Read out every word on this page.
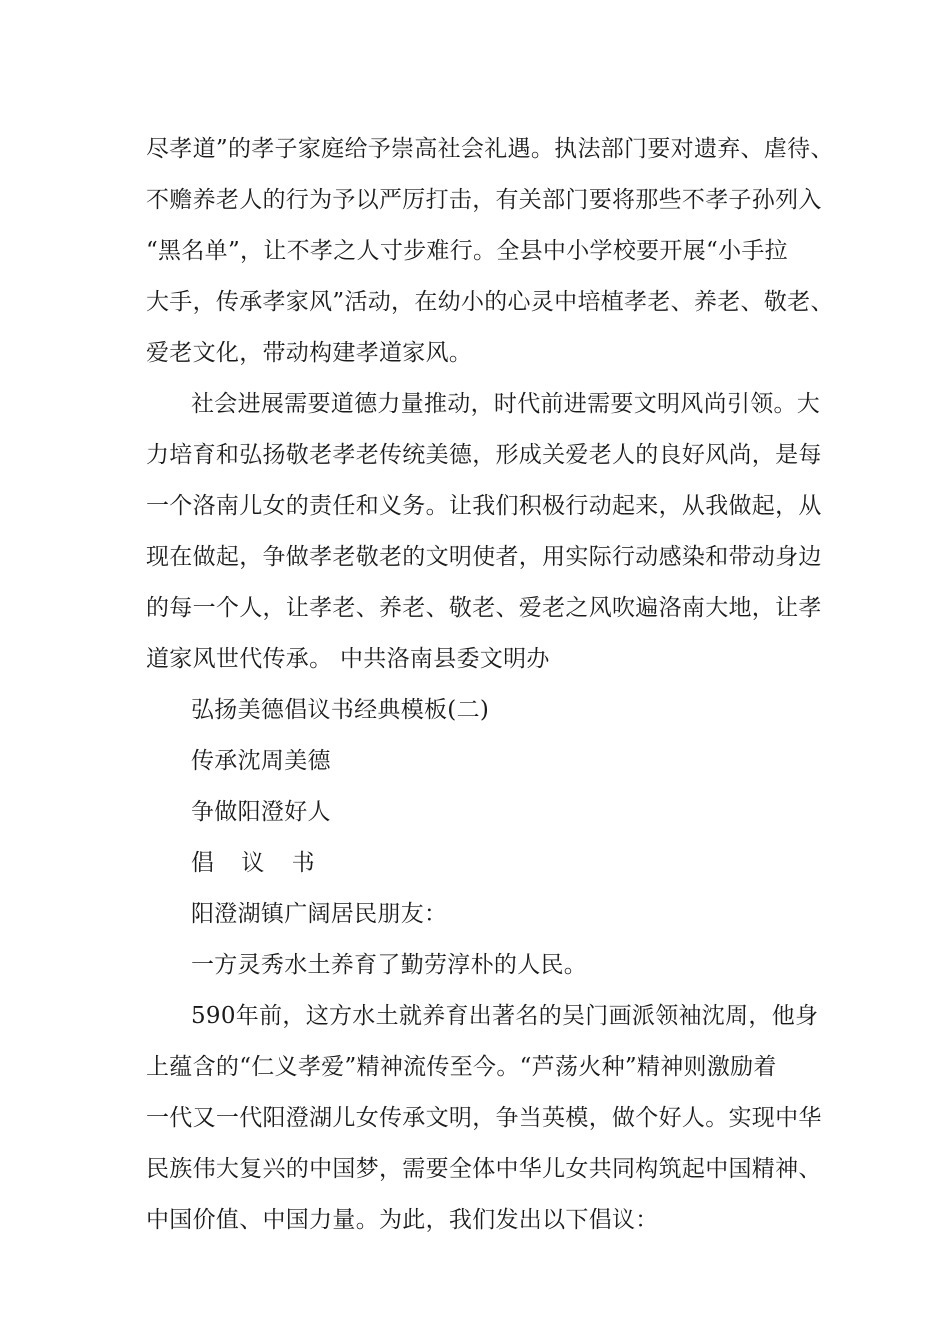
尽孝道”的孝子家庭给予崇高社会礼遇。执法部门要对遗弃、虐待、
不赡养老人的行为予以严厉打击，有关部门要将那些不孝子孙列入
“黑名单”，让不孝之人寸步难行。全县中小学校要开展“小手拉
大手，传承孝家风”活动，在幼小的心灵中培植孝老、养老、敬老、
爱老文化，带动构建孝道家风。
社会进展需要道德力量推动，时代前进需要文明风尚引领。大
力培育和弘扬敬老孝老传统美德，形成关爱老人的良好风尚，是每
一个洛南儿女的责任和义务。让我们积极行动起来，从我做起，从
现在做起，争做孝老敬老的文明使者，用实际行动感染和带动身边
的每一个人，让孝老、养老、敬老、爱老之风吹遍洛南大地，让孝
道家风世代传承。 中共洛南县委文明办
弘扬美德倡议书经典模板(二)
传承沈周美德
争做阳澄好人
倡 议 书
阳澄湖镇广阔居民朋友：
一方灵秀水土养育了勤劳淳朴的人民。
590年前，这方水土就养育出著名的吴门画派领袖沈周，他身
上蕴含的“仁义孝爱”精神流传至今。“芦荡火种”精神则激励着
一代又一代阳澄湖儿女传承文明，争当英模，做个好人。实现中华
民族伟大复兴的中国梦，需要全体中华儿女共同构筑起中国精神、
中国价值、中国力量。为此，我们发出以下倡议：
